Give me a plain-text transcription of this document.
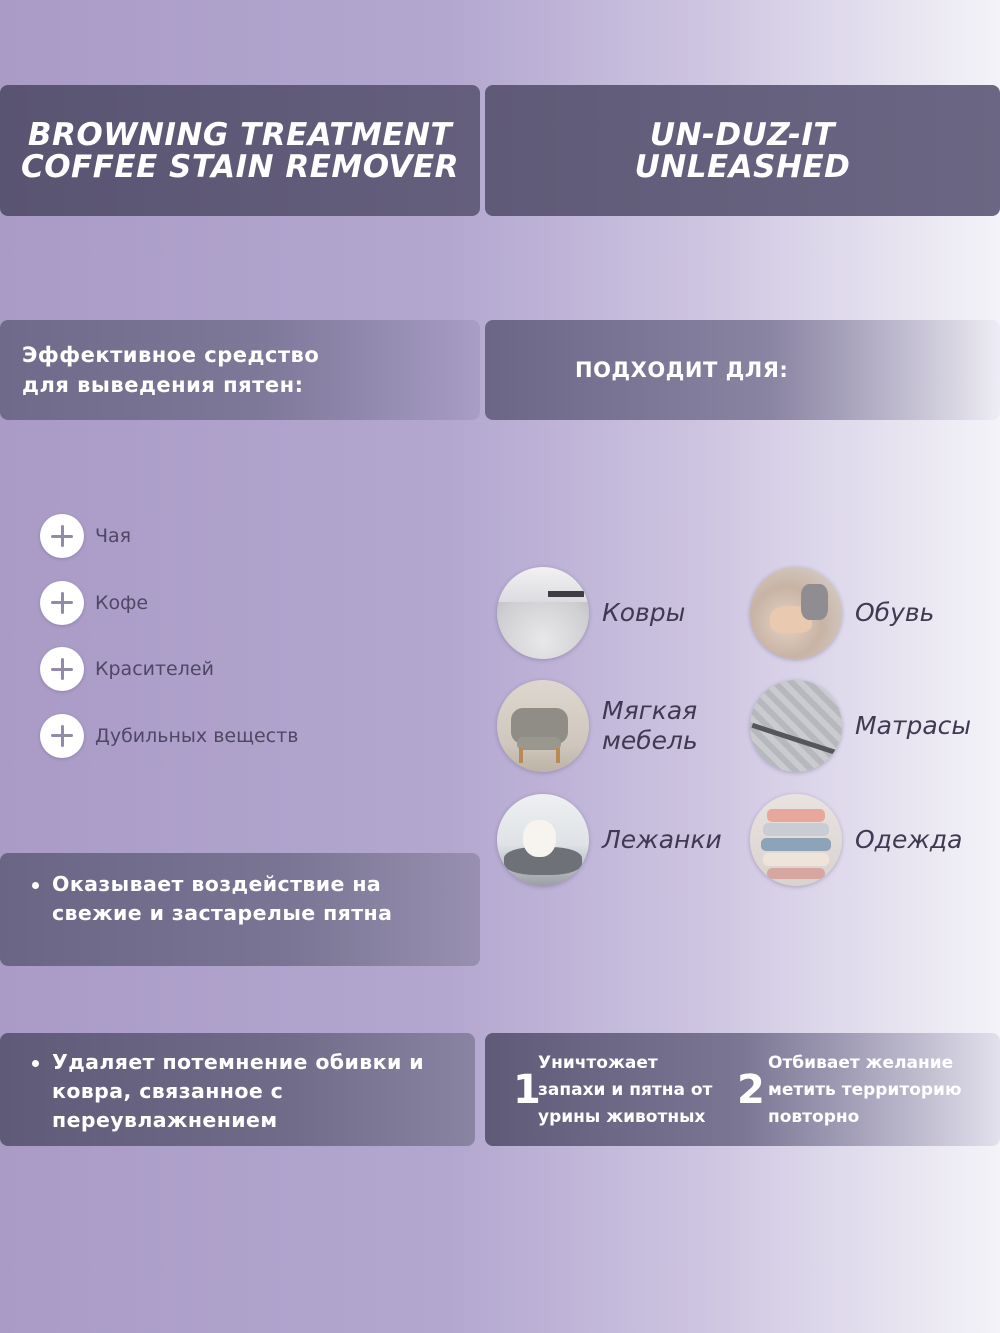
BROWNING TREATMENT
COFFEE STAIN REMOVER
UN-DUZ-IT
UNLEASHED
Эффективное средство
для выведения пятен:
ПОДХОДИТ ДЛЯ:
Чая
Кофе
Красителей
Дубильных веществ
Ковры	Обувь
Мягкая
мебель
Матрасы
Лежанки	Одежда
Оказывает воздействие на свежие и застарелые пятна
Удаляет потемнение обивки и ковра, связанное с переувлажнением
1
Уничтожает
запахи и пятна от
урины животных
2
Отбивает желание
метить территорию
повторно
